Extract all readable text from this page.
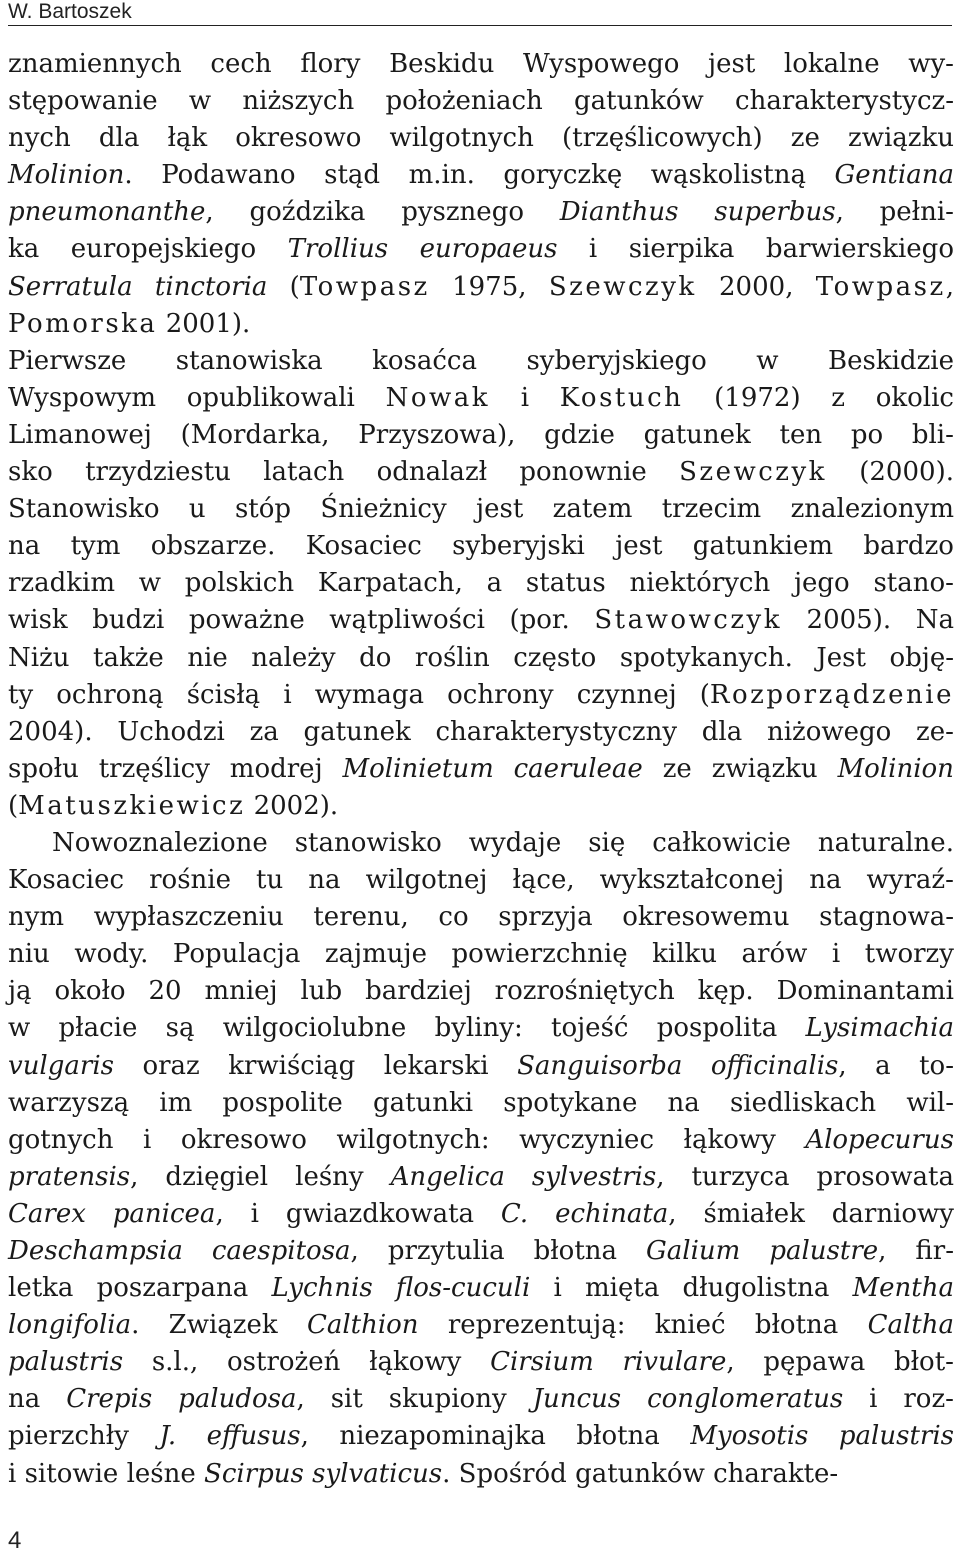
W. Bartoszek
znamiennych cech flory Beskidu Wyspowego jest lokalne wy-
stępowanie w niższych położeniach gatunków charakterystycz-
nych dla łąk okresowo wilgotnych (trzęślicowych) ze związku
Molinion. Podawano stąd m.in. goryczkę wąskolistną Gentiana
pneumonanthe, goździka pysznego Dianthus superbus, pełni-
ka europejskiego Trollius europaeus i sierpika barwierskiego
Serratula tinctoria (Towpasz 1975, Szewczyk 2000, Towpasz,
Pomorska 2001).
Pierwsze stanowiska kosaćca syberyjskiego w Beskidzie
Wyspowym opublikowali Nowak i Kostuch (1972) z okolic
Limanowej (Mordarka, Przyszowa), gdzie gatunek ten po bli-
sko trzydziestu latach odnalazł ponownie Szewczyk (2000).
Stanowisko u stóp Śnieżnicy jest zatem trzecim znalezionym
na tym obszarze. Kosaciec syberyjski jest gatunkiem bardzo
rzadkim w polskich Karpatach, a status niektórych jego stano-
wisk budzi poważne wątpliwości (por. Stawowczyk 2005). Na
Niżu także nie należy do roślin często spotykanych. Jest obję-
ty ochroną ścisłą i wymaga ochrony czynnej (Rozporządzenie
2004). Uchodzi za gatunek charakterystyczny dla niżowego ze-
społu trzęślicy modrej Molinietum caeruleae ze związku Molinion
(Matuszkiewicz 2002).
Nowoznalezione stanowisko wydaje się całkowicie naturalne.
Kosaciec rośnie tu na wilgotnej łące, wykształconej na wyraź-
nym wypłaszczeniu terenu, co sprzyja okresowemu stagnowa-
niu wody. Populacja zajmuje powierzchnię kilku arów i tworzy
ją około 20 mniej lub bardziej rozrośniętych kęp. Dominantami
w płacie są wilgociolubne byliny: tojeść pospolita Lysimachia
vulgaris oraz krwiściąg lekarski Sanguisorba officinalis, a to-
warzyszą im pospolite gatunki spotykane na siedliskach wil-
gotnych i okresowo wilgotnych: wyczyniec łąkowy Alopecurus
pratensis, dzięgiel leśny Angelica sylvestris, turzyca prosowata
Carex panicea, i gwiazdkowata C. echinata, śmiałek darniowy
Deschampsia caespitosa, przytulia błotna Galium palustre, fir-
letka poszarpana Lychnis flos-cuculi i mięta długolistna Mentha
longifolia. Związek Calthion reprezentują: knieć błotna Caltha
palustris s.l., ostrożeń łąkowy Cirsium rivulare, pępawa błot-
na Crepis paludosa, sit skupiony Juncus conglomeratus i roz-
pierzchły J. effusus, niezapominajka błotna Myosotis palustris
i sitowie leśne Scirpus sylvaticus. Spośród gatunków charakte-
4
